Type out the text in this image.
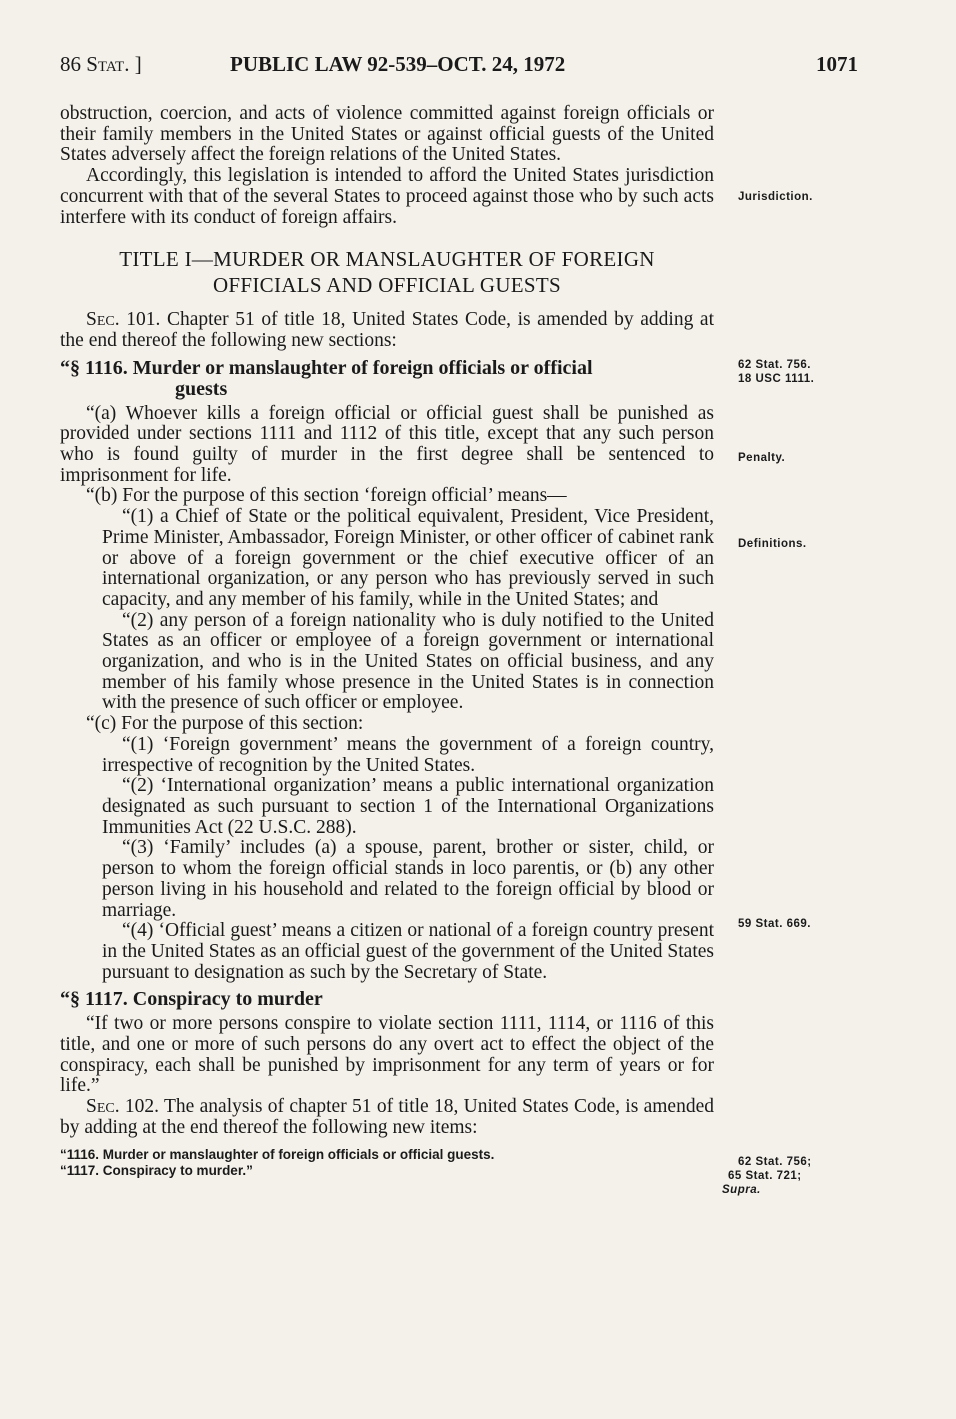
86 Stat. ]	PUBLIC LAW 92-539–OCT. 24, 1972	1071

obstruction, coercion, and acts of violence committed against foreign officials or their family members in the United States or against official guests of the United States adversely affect the foreign relations of the United States.

Accordingly, this legislation is intended to afford the United States jurisdiction concurrent with that of the several States to proceed against those who by such acts interfere with its conduct of foreign affairs.

TITLE I—MURDER OR MANSLAUGHTER OF FOREIGN
OFFICIALS AND OFFICIAL GUESTS

Sec. 101. Chapter 51 of title 18, United States Code, is amended by adding at the end thereof the following new sections:

“§ 1116. Murder or manslaughter of foreign officials or official
guests

“(a) Whoever kills a foreign official or official guest shall be punished as provided under sections 1111 and 1112 of this title, except that any such person who is found guilty of murder in the first degree shall be sentenced to imprisonment for life.

“(b) For the purpose of this section ‘foreign official’ means—

“(1) a Chief of State or the political equivalent, President, Vice President, Prime Minister, Ambassador, Foreign Minister, or other officer of cabinet rank or above of a foreign government or the chief executive officer of an international organization, or any person who has previously served in such capacity, and any member of his family, while in the United States; and

“(2) any person of a foreign nationality who is duly notified to the United States as an officer or employee of a foreign government or international organization, and who is in the United States on official business, and any member of his family whose presence in the United States is in connection with the presence of such officer or employee.

“(c) For the purpose of this section:

“(1) ‘Foreign government’ means the government of a foreign country, irrespective of recognition by the United States.

“(2) ‘International organization’ means a public international organization designated as such pursuant to section 1 of the International Organizations Immunities Act (22 U.S.C. 288).

“(3) ‘Family’ includes (a) a spouse, parent, brother or sister, child, or person to whom the foreign official stands in loco parentis, or (b) any other person living in his household and related to the foreign official by blood or marriage.

“(4) ‘Official guest’ means a citizen or national of a foreign country present in the United States as an official guest of the government of the United States pursuant to designation as such by the Secretary of State.

“§ 1117. Conspiracy to murder

“If two or more persons conspire to violate section 1111, 1114, or 1116 of this title, and one or more of such persons do any overt act to effect the object of the conspiracy, each shall be punished by imprisonment for any term of years or for life.”

Sec. 102. The analysis of chapter 51 of title 18, United States Code, is amended by adding at the end thereof the following new items:

“1116. Murder or manslaughter of foreign officials or official guests.
“1117. Conspiracy to murder.”
Jurisdiction.
62 Stat. 756.
18 USC 1111.
Penalty.
Definitions.
59 Stat. 669.
62 Stat. 756;
65 Stat. 721;
Supra.
